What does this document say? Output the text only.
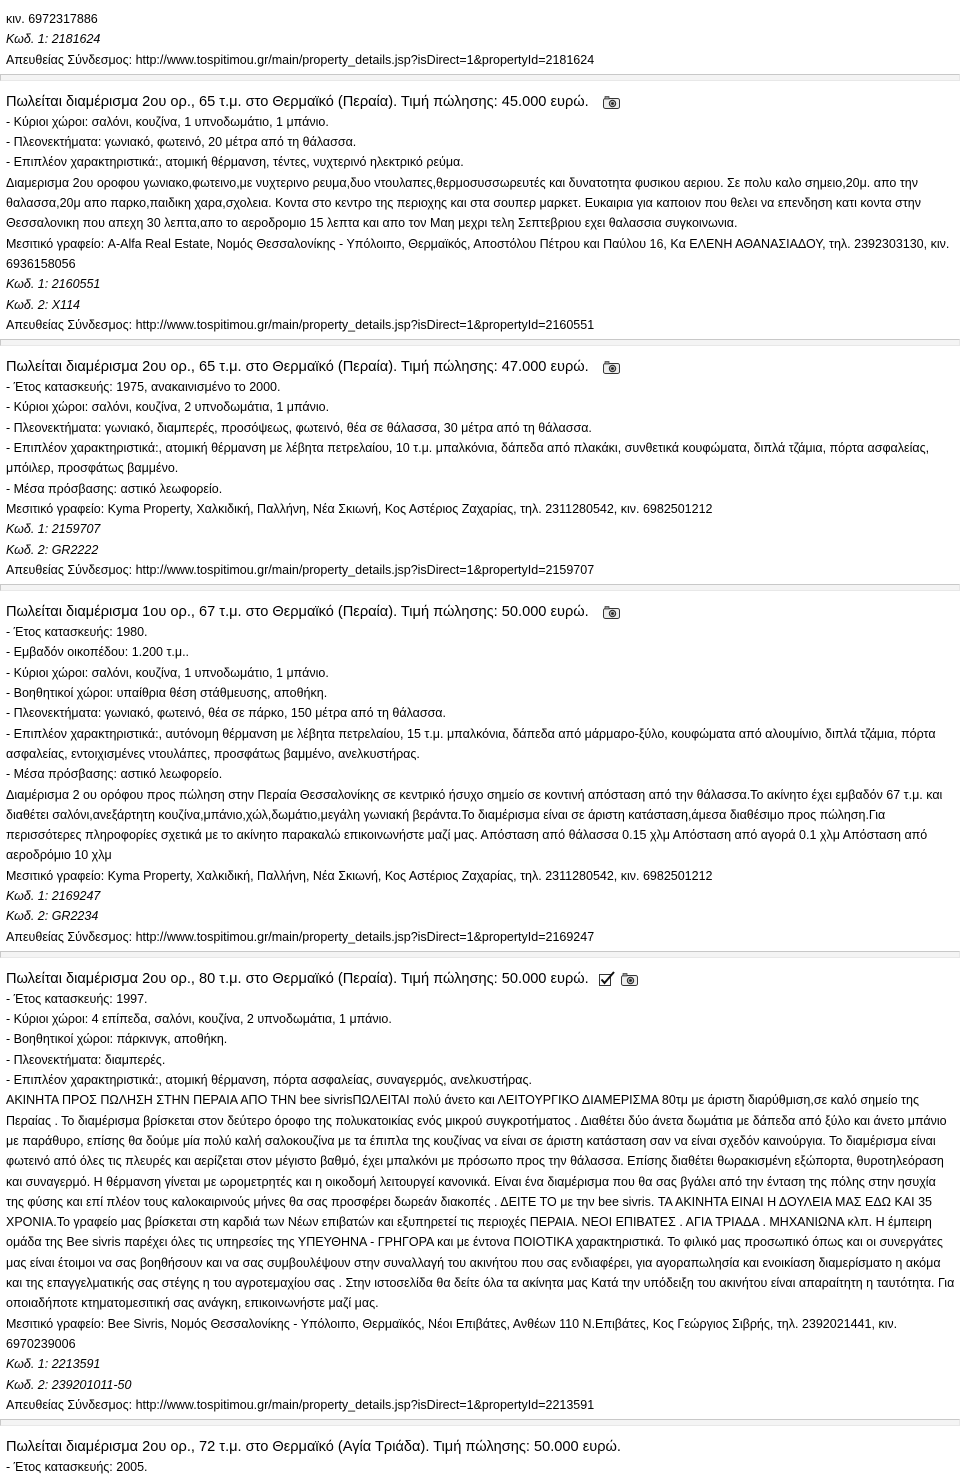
κιν. 6972317886
Κωδ. 1: 2181624
Απευθείας Σύνδεσμος: http://www.tospitimou.gr/main/property_details.jsp?isDirect=1&propertyId=2181624
Πωλείται διαμέρισμα 2ου ορ., 65 τ.μ. στο Θερμαϊκό (Περαία). Τιμή πώλησης: 45.000 ευρώ.
- Κύριοι χώροι: σαλόνι, κουζίνα, 1 υπνοδωμάτιο, 1 μπάνιο.
- Πλεονεκτήματα: γωνιακό, φωτεινό, 20 μέτρα από τη θάλασσα.
- Επιπλέον χαρακτηριστικά:, ατομική θέρμανση, τέντες, νυχτερινό ηλεκτρικό ρεύμα.
Διαμερισμα 2ου οροφου γωνιακο,φωτεινο,με νυχτερινο ρευμα,δυο ντουλαπες,θερμοσυσσωρευτές και δυνατοτητα φυσικου αεριου. Σε πολυ καλο σημειο,20μ. απο την θαλασσα,20μ απο παρκο,παιδικη χαρα,σχολεια. Κοντα στο κεντρο της περιοχης και στα σουπερ μαρκετ. Ευκαιρια για καποιον που θελει να επενδηση κατι κοντα στην Θεσσαλονικη που απεχη 30 λεπτα,απο το αεροδρομιο 15 λεπτα και απο τον Μαη μεχρι τελη Σεπτεβριου εχει θαλασσια συγκοινωνια.
Μεσιτικό γραφείο: A-Alfa Real Estate, Νομός Θεσσαλονίκης - Υπόλοιπο, Θερμαϊκός, Αποστόλου Πέτρου και Παύλου 16, Κα ΕΛΕΝΗ ΑΘΑΝΑΣΙΑΔΟΥ, τηλ. 2392303130, κιν. 6936158056
Κωδ. 1: 2160551
Κωδ. 2: Χ114
Απευθείας Σύνδεσμος: http://www.tospitimou.gr/main/property_details.jsp?isDirect=1&propertyId=2160551
Πωλείται διαμέρισμα 2ου ορ., 65 τ.μ. στο Θερμαϊκό (Περαία). Τιμή πώλησης: 47.000 ευρώ.
- Έτος κατασκευής: 1975, ανακαινισμένο το 2000.
- Κύριοι χώροι: σαλόνι, κουζίνα, 2 υπνοδωμάτια, 1 μπάνιο.
- Πλεονεκτήματα: γωνιακό, διαμπερές, προσόψεως, φωτεινό, θέα σε θάλασσα, 30 μέτρα από τη θάλασσα.
- Επιπλέον χαρακτηριστικά:, ατομική θέρμανση με λέβητα πετρελαίου, 10 τ.μ. μπαλκόνια, δάπεδα από πλακάκι, συνθετικά κουφώματα, διπλά τζάμια, πόρτα ασφαλείας, μπόιλερ, προσφάτως βαμμένο.
- Μέσα πρόσβασης: αστικό λεωφορείο.
Μεσιτικό γραφείο: Kyma Property, Χαλκιδική, Παλλήνη, Νέα Σκιωνή, Κος Αστέριος Ζαχαρίας, τηλ. 2311280542, κιν. 6982501212
Κωδ. 1: 2159707
Κωδ. 2: GR2222
Απευθείας Σύνδεσμος: http://www.tospitimou.gr/main/property_details.jsp?isDirect=1&propertyId=2159707
Πωλείται διαμέρισμα 1ου ορ., 67 τ.μ. στο Θερμαϊκό (Περαία). Τιμή πώλησης: 50.000 ευρώ.
- Έτος κατασκευής: 1980.
- Εμβαδόν οικοπέδου: 1.200 τ.μ..
- Κύριοι χώροι: σαλόνι, κουζίνα, 1 υπνοδωμάτιο, 1 μπάνιο.
- Βοηθητικοί χώροι: υπαίθρια θέση στάθμευσης, αποθήκη.
- Πλεονεκτήματα: γωνιακό, φωτεινό, θέα σε πάρκο, 150 μέτρα από τη θάλασσα.
- Επιπλέον χαρακτηριστικά:, αυτόνομη θέρμανση με λέβητα πετρελαίου, 15 τ.μ. μπαλκόνια, δάπεδα από μάρμαρο-ξύλο, κουφώματα από αλουμίνιο, διπλά τζάμια, πόρτα ασφαλείας, εντοιχισμένες ντουλάπες, προσφάτως βαμμένο, ανελκυστήρας.
- Μέσα πρόσβασης: αστικό λεωφορείο.
Διαμέρισμα 2 ου ορόφου προς πώληση στην Περαία Θεσσαλονίκης σε κεντρικό ήσυχο σημείο σε κοντινή απόσταση από την θάλασσα.Το ακίνητο έχει εμβαδόν 67 τ.μ. και διαθέτει σαλόνι,ανεξάρτητη κουζίνα,μπάνιο,χώλ,δωμάτιο,μεγάλη γωνιακή βεράντα.Το διαμέρισμα είναι σε άριστη κατάσταση,άμεσα διαθέσιμο προς πώληση.Για περισσότερες πληροφορίες σχετικά με το ακίνητο παρακαλώ επικοινωνήστε μαζί μας. Απόσταση από θάλασσα 0.15 χλμ Απόσταση από αγορά 0.1 χλμ Απόσταση από αεροδρόμιο 10 χλμ
Μεσιτικό γραφείο: Kyma Property, Χαλκιδική, Παλλήνη, Νέα Σκιωνή, Κος Αστέριος Ζαχαρίας, τηλ. 2311280542, κιν. 6982501212
Κωδ. 1: 2169247
Κωδ. 2: GR2234
Απευθείας Σύνδεσμος: http://www.tospitimou.gr/main/property_details.jsp?isDirect=1&propertyId=2169247
Πωλείται διαμέρισμα 2ου ορ., 80 τ.μ. στο Θερμαϊκό (Περαία). Τιμή πώλησης: 50.000 ευρώ.
- Έτος κατασκευής: 1997.
- Κύριοι χώροι: 4 επίπεδα, σαλόνι, κουζίνα, 2 υπνοδωμάτια, 1 μπάνιο.
- Βοηθητικοί χώροι: πάρκινγκ, αποθήκη.
- Πλεονεκτήματα: διαμπερές.
- Επιπλέον χαρακτηριστικά:, ατομική θέρμανση, πόρτα ασφαλείας, συναγερμός, ανελκυστήρας.
ΑΚΙΝΗΤΑ ΠΡΟΣ ΠΩΛΗΣΗ ΣΤΗΝ ΠΕΡΑΙΑ ΑΠΟ ΤΗΝ bee sivrisΠΩΛΕΙΤΑΙ πολύ άνετο και ΛΕΙΤΟΥΡΓΙΚΟ ΔΙΑΜΕΡΙΣΜΑ 80τμ με άριστη διαρύθμιση,σε καλό σημείο της Περαίας . Το διαμέρισμα βρίσκεται στον δεύτερο όροφο της πολυκατοικίας ενός μικρού συγκροτήματος . Διαθέτει δύο άνετα δωμάτια με δάπεδα από ξύλο και άνετο μπάνιο με παράθυρο, επίσης θα δούμε μία πολύ καλή σαλοκουζίνα με τα έπιπλα της κουζίνας να είναι σε άριστη κατάσταση σαν να είναι σχεδόν καινούργια. Το διαμέρισμα είναι φωτεινό από όλες τις πλευρές και αερίζεται στον μέγιστο βαθμό, έχει μπαλκόνι με πρόσωπο προς την θάλασσα. Επίσης διαθέτει θωρακισμένη εξώπορτα, θυροτηλεόραση και συναγερμό. Η θέρμανση γίνεται με ωρομετρητές και η οικοδομή λειτουργεί κανονικά. Είναι ένα διαμέρισμα που θα σας βγάλει από την ένταση της πόλης στην ησυχία της φύσης και επί πλέον τους καλοκαιρινούς μήνες θα σας προσφέρει δωρεάν διακοπές . ΔΕΙΤΕ ΤΟ με την bee sivris. ΤΑ ΑΚΙΝΗΤΑ ΕΙΝΑΙ Η ΔΟΥΛΕΙΑ ΜΑΣ ΕΔΩ ΚΑΙ 35 ΧΡΟΝΙΑ.Το γραφείο μας βρίσκεται στη καρδιά των Νέων επιβατών και εξυπηρετεί τις περιοχές ΠΕΡΑΙΑ. ΝΕΟΙ ΕΠΙΒΑΤΕΣ . ΑΓΙΑ ΤΡΙΑΔΑ . ΜΗΧΑΝΙΩΝΑ κλπ. Η έμπειρη ομάδα της Bee sivris παρέχει όλες τις υπηρεσίες της ΥΠΕΥΘΗΝΑ - ΓΡΗΓΟΡΑ και με έντονα ΠΟΙΟΤΙΚΑ χαρακτηριστικά. Το φιλικό μας προσωπικό όπως και οι συνεργάτες μας είναι έτοιμοι να σας βοηθήσουν και να σας συμβουλέψουν στην συναλλαγή του ακινήτου που σας ενδιαφέρει, για αγοραπωλησία και ενοικίαση διαμερίσματο η ακόμα και της επαγγελματικής σας στέγης η του αγροτεμαχίου σας . Στην ιστοσελίδα θα δείτε όλα τα ακίνητα μας Κατά την υπόδειξη του ακινήτου είναι απαραίτητη η ταυτότητα. Για οποιαδήποτε κτηματομεσιτική σας ανάγκη, επικοινωνήστε μαζί μας.
Μεσιτικό γραφείο: Bee Sivris, Νομός Θεσσαλονίκης - Υπόλοιπο, Θερμαϊκός, Νέοι Επιβάτες, Ανθέων 110 Ν.Επιβάτες, Κος Γεώργιος Σιβρής, τηλ. 2392021441, κιν. 6970239006
Κωδ. 1: 2213591
Κωδ. 2: 239201011-50
Απευθείας Σύνδεσμος: http://www.tospitimou.gr/main/property_details.jsp?isDirect=1&propertyId=2213591
Πωλείται διαμέρισμα 2ου ορ., 72 τ.μ. στο Θερμαϊκό (Αγία Τριάδα). Τιμή πώλησης: 50.000 ευρώ.
- Έτος κατασκευής: 2005.
